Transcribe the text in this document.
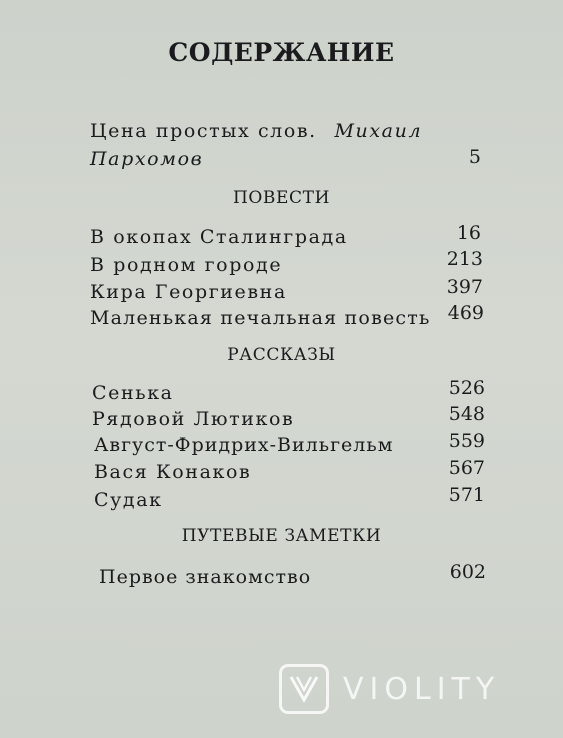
СОДЕРЖАНИЕ
Цена простых слов. Михаил
Пархомов	5
ПОВЕСТИ
В окопах Сталинграда	16
В родном городе	213
Кира Георгиевна	397
Маленькая печальная повесть 469
РАССКАЗЫ
Сенька	526
Рядовой Лютиков	548
Август-Фридрих-Вильгельм	559
Вася Конаков	567
Судак	571
ПУТЕВЫЕ ЗАМЕТКИ
Первое знакомство	602
VIOLITY
